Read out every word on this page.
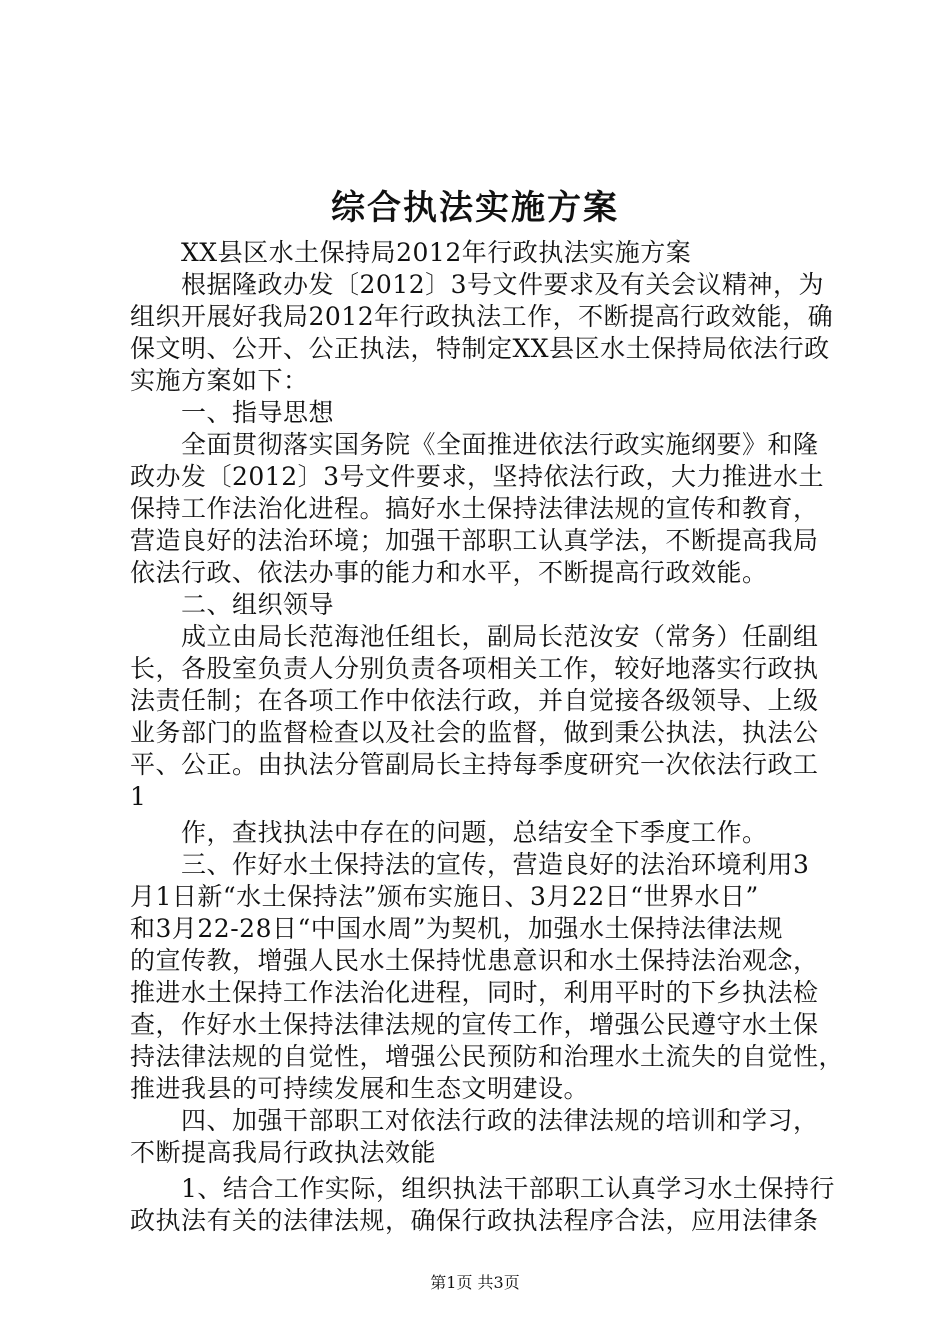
综合执法实施方案
　　XX县区水土保持局2012年行政执法实施方案
　　根据隆政办发〔2012〕3号文件要求及有关会议精神，为
组织开展好我局2012年行政执法工作，不断提高行政效能，确
保文明、公开、公正执法，特制定XX县区水土保持局依法行政
实施方案如下：
　　一、指导思想
　　全面贯彻落实国务院《全面推进依法行政实施纲要》和隆
政办发〔2012〕3号文件要求，坚持依法行政，大力推进水土
保持工作法治化进程。搞好水土保持法律法规的宣传和教育，
营造良好的法治环境；加强干部职工认真学法，不断提高我局
依法行政、依法办事的能力和水平，不断提高行政效能。
　　二、组织领导
　　成立由局长范海池任组长，副局长范汝安（常务）任副组
长，各股室负责人分别负责各项相关工作，较好地落实行政执
法责任制；在各项工作中依法行政，并自觉接各级领导、上级
业务部门的监督检查以及社会的监督，做到秉公执法，执法公
平、公正。由执法分管副局长主持每季度研究一次依法行政工
1
　　作，查找执法中存在的问题，总结安全下季度工作。
　　三、作好水土保持法的宣传，营造良好的法治环境利用3
月1日新“水土保持法”颁布实施日、3月22日“世界水日”
和3月22-28日“中国水周”为契机，加强水土保持法律法规
的宣传教，增强人民水土保持忧患意识和水土保持法治观念，
推进水土保持工作法治化进程，同时，利用平时的下乡执法检
查，作好水土保持法律法规的宣传工作，增强公民遵守水土保
持法律法规的自觉性，增强公民预防和治理水土流失的自觉性，
推进我县的可持续发展和生态文明建设。
　　四、加强干部职工对依法行政的法律法规的培训和学习，
不断提高我局行政执法效能
　　1、结合工作实际，组织执法干部职工认真学习水土保持行
政执法有关的法律法规，确保行政执法程序合法，应用法律条
第1页 共3页
